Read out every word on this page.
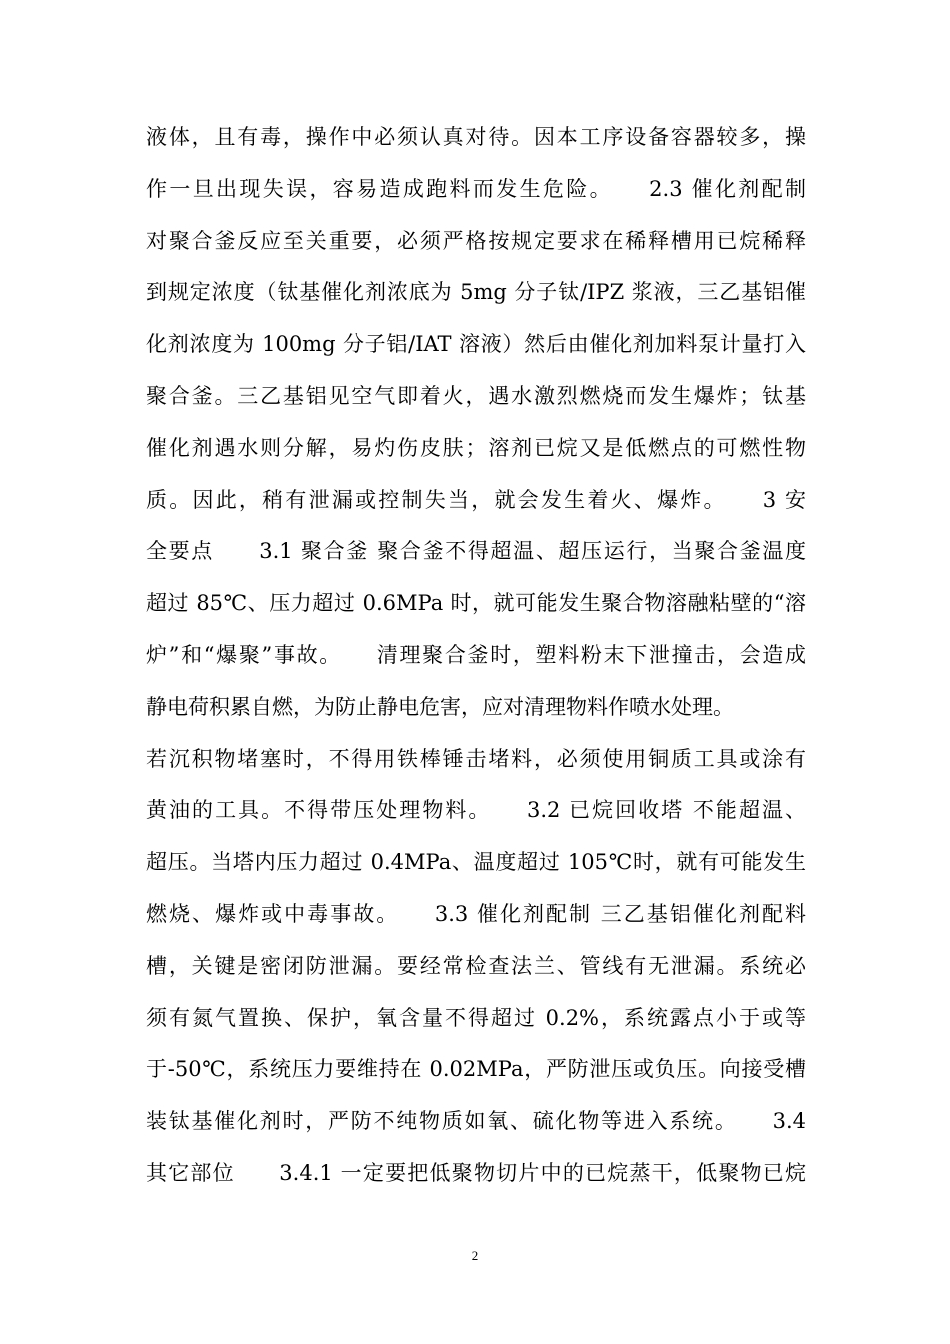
液体，且有毒，操作中必须认真对待。因本工序设备容器较多，操
作一旦出现失误，容易造成跑料而发生危险。　　2.3 催化剂配制
对聚合釜反应至关重要，必须严格按规定要求在稀释槽用已烷稀释
到规定浓度（钛基催化剂浓底为 5mg 分子钛/IPZ 浆液，三乙基铝催
化剂浓度为 100mg 分子铝/IAT 溶液）然后由催化剂加料泵计量打入
聚合釜。三乙基铝见空气即着火，遇水激烈燃烧而发生爆炸；钛基
催化剂遇水则分解，易灼伤皮肤；溶剂已烷又是低燃点的可燃性物
质。因此，稍有泄漏或控制失当，就会发生着火、爆炸。　　3 安
全要点　　3.1 聚合釜 聚合釜不得超温、超压运行，当聚合釜温度
超过 85℃、压力超过 0.6MPa 时，就可能发生聚合物溶融粘壁的“溶
炉”和“爆聚”事故。　　清理聚合釜时，塑料粉末下泄撞击，会造成
静电荷积累自燃，为防止静电危害，应对清理物料作喷水处理。
若沉积物堵塞时，不得用铁棒锤击堵料，必须使用铜质工具或涂有
黄油的工具。不得带压处理物料。　　3.2 已烷回收塔 不能超温、
超压。当塔内压力超过 0.4MPa、温度超过 105℃时，就有可能发生
燃烧、爆炸或中毒事故。　　3.3 催化剂配制 三乙基铝催化剂配料
槽，关键是密闭防泄漏。要经常检查法兰、管线有无泄漏。系统必
须有氮气置换、保护，氧含量不得超过 0.2%，系统露点小于或等
于-50℃，系统压力要维持在 0.02MPa，严防泄压或负压。向接受槽
装钛基催化剂时，严防不纯物质如氧、硫化物等进入系统。　　3.4
其它部位　　3.4.1 一定要把低聚物切片中的已烷蒸干，低聚物已烷
2
